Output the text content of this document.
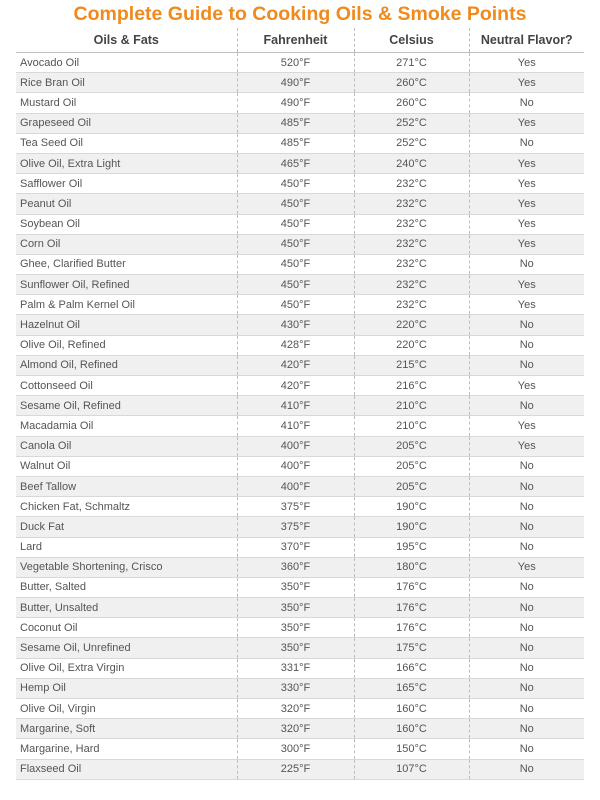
Complete Guide to Cooking Oils & Smoke Points
Oils & Fats	Fahrenheit	Celsius	Neutral Flavor?
Avocado Oil	520°F	271°C	Yes
Rice Bran Oil	490°F	260°C	Yes
Mustard Oil	490°F	260°C	No
Grapeseed Oil	485°F	252°C	Yes
Tea Seed Oil	485°F	252°C	No
Olive Oil, Extra Light	465°F	240°C	Yes
Safflower Oil	450°F	232°C	Yes
Peanut Oil	450°F	232°C	Yes
Soybean Oil	450°F	232°C	Yes
Corn Oil	450°F	232°C	Yes
Ghee, Clarified Butter	450°F	232°C	No
Sunflower Oil, Refined	450°F	232°C	Yes
Palm & Palm Kernel Oil	450°F	232°C	Yes
Hazelnut Oil	430°F	220°C	No
Olive Oil, Refined	428°F	220°C	No
Almond Oil, Refined	420°F	215°C	No
Cottonseed Oil	420°F	216°C	Yes
Sesame Oil, Refined	410°F	210°C	No
Macadamia Oil	410°F	210°C	Yes
Canola Oil	400°F	205°C	Yes
Walnut Oil	400°F	205°C	No
Beef Tallow	400°F	205°C	No
Chicken Fat, Schmaltz	375°F	190°C	No
Duck Fat	375°F	190°C	No
Lard	370°F	195°C	No
Vegetable Shortening, Crisco	360°F	180°C	Yes
Butter, Salted	350°F	176°C	No
Butter, Unsalted	350°F	176°C	No
Coconut Oil	350°F	176°C	No
Sesame Oil, Unrefined	350°F	175°C	No
Olive Oil, Extra Virgin	331°F	166°C	No
Hemp Oil	330°F	165°C	No
Olive Oil, Virgin	320°F	160°C	No
Margarine, Soft	320°F	160°C	No
Margarine, Hard	300°F	150°C	No
Flaxseed Oil	225°F	107°C	No
